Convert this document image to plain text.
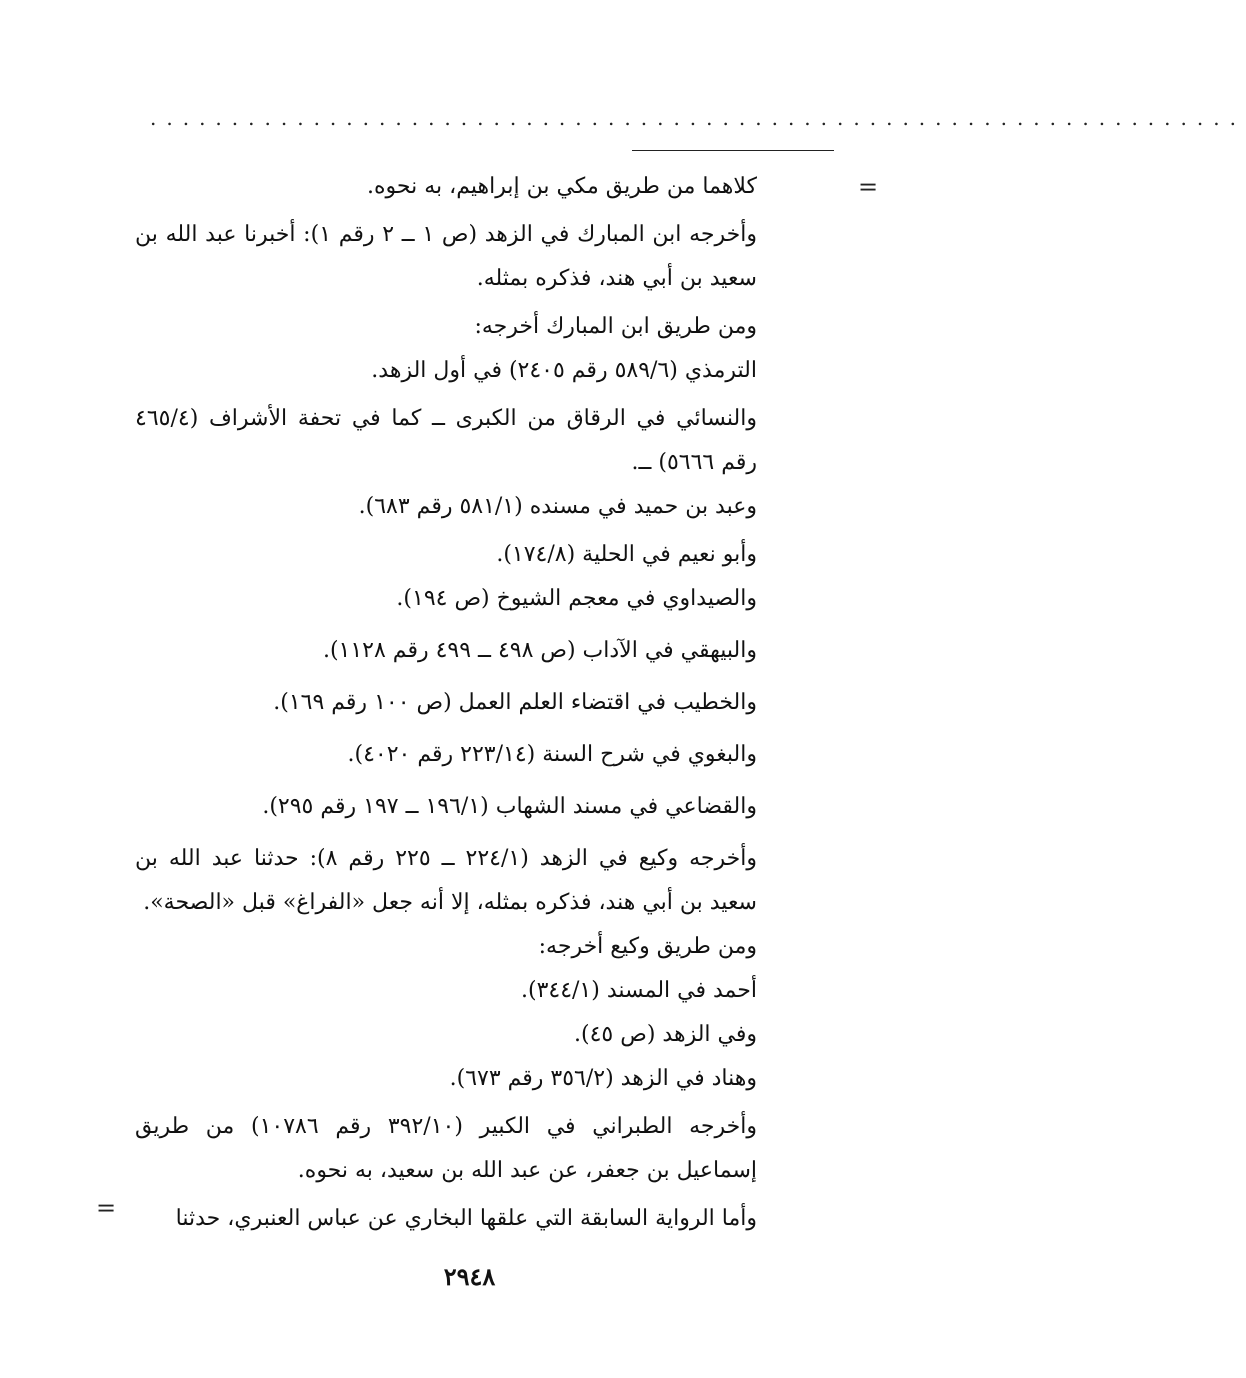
...................................................................
=

كلاهما من طريق مكي بن إبراهيم، به نحوه.

وأخرجه ابن المبارك في الزهد (ص ١ ــ ٢ رقم ١): أخبرنا عبد الله بن سعيد بن أبي هند، فذكره بمثله.

ومن طريق ابن المبارك أخرجه:

الترمذي (٥٨٩/٦ رقم ٢٤٠٥) في أول الزهد.

والنسائي في الرقاق من الكبرى ــ كما في تحفة الأشراف (٤٦٥/٤ رقم ٥٦٦٦) ــ.

وعبد بن حميد في مسنده (٥٨١/١ رقم ٦٨٣).

وأبو نعيم في الحلية (١٧٤/٨).

والصيداوي في معجم الشيوخ (ص ١٩٤).

والبيهقي في الآداب (ص ٤٩٨ ــ ٤٩٩ رقم ١١٢٨).

والخطيب في اقتضاء العلم العمل (ص ١٠٠ رقم ١٦٩).

والبغوي في شرح السنة (٢٢٣/١٤ رقم ٤٠٢٠).

والقضاعي في مسند الشهاب (١٩٦/١ ــ ١٩٧ رقم ٢٩٥).

وأخرجه وكيع في الزهد (٢٢٤/١ ــ ٢٢٥ رقم ٨): حدثنا عبد الله بن سعيد بن أبي هند، فذكره بمثله، إلا أنه جعل «الفراغ» قبل «الصحة».

ومن طريق وكيع أخرجه:

أحمد في المسند (٣٤٤/١).

وفي الزهد (ص ٤٥).

وهناد في الزهد (٣٥٦/٢ رقم ٦٧٣).

وأخرجه الطبراني في الكبير (٣٩٢/١٠ رقم ١٠٧٨٦) من طريق إسماعيل بن جعفر، عن عبد الله بن سعيد، به نحوه.

وأما الرواية السابقة التي علقها البخاري عن عباس العنبري، حدثنا

=
٢٩٤٨
